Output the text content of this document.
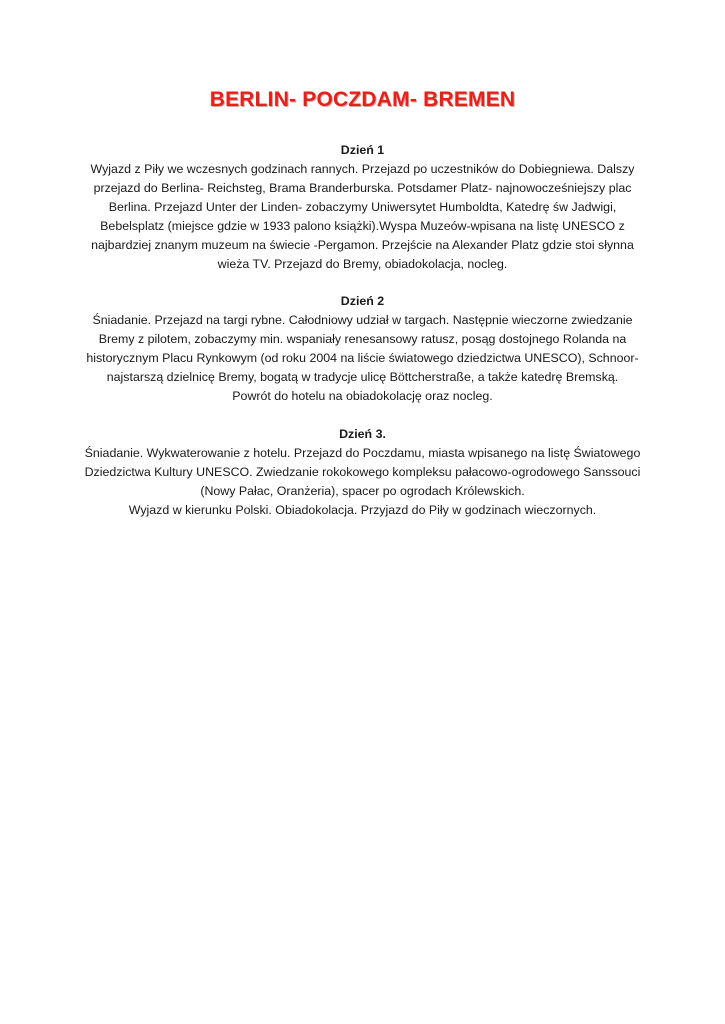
BERLIN- POCZDAM- BREMEN

Dzień 1

Wyjazd z Piły we wczesnych godzinach rannych. Przejazd po uczestników do Dobiegniewa. Dalszy

przejazd do Berlina- Reichsteg, Brama Branderburska. Potsdamer Platz- najnowocześniejszy plac

Berlina. Przejazd Unter der Linden- zobaczymy Uniwersytet Humboldta, Katedrę św Jadwigi,

Bebelsplatz (miejsce gdzie w 1933 palono książki).Wyspa Muzeów-wpisana na listę UNESCO z

najbardziej znanym muzeum na świecie -Pergamon. Przejście na Alexander Platz gdzie stoi słynna

wieża TV. Przejazd do Bremy, obiadokolacja, nocleg.

Dzień 2

Śniadanie. Przejazd na targi rybne. Całodniowy udział w targach. Następnie wieczorne zwiedzanie

Bremy z pilotem, zobaczymy min. wspaniały renesansowy ratusz, posąg dostojnego Rolanda na

historycznym Placu Rynkowym (od roku 2004 na liście światowego dziedzictwa UNESCO), Schnoor-

najstarszą dzielnicę Bremy, bogatą w tradycje ulicę Böttcherstraße, a także katedrę Bremską.

Powrót do hotelu na obiadokolację oraz nocleg.

Dzień 3.

Śniadanie. Wykwaterowanie z hotelu. Przejazd do Poczdamu, miasta wpisanego na listę Światowego

Dziedzictwa Kultury UNESCO. Zwiedzanie rokokowego kompleksu pałacowo-ogrodowego Sanssouci

(Nowy Pałac, Oranżeria), spacer po ogrodach Królewskich.

Wyjazd w kierunku Polski. Obiadokolacja. Przyjazd do Piły w godzinach wieczornych.
